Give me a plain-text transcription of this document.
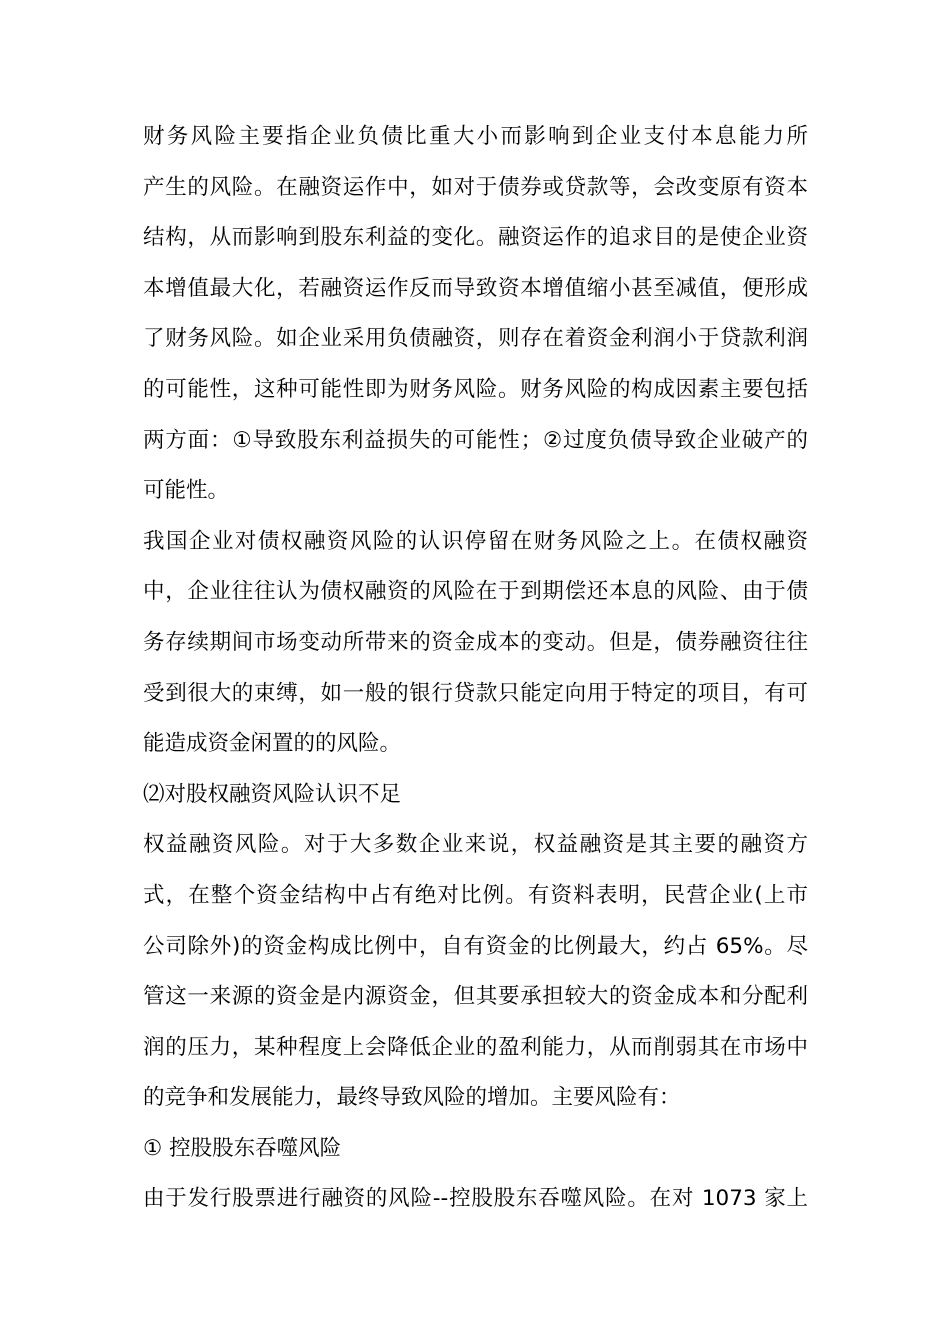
财务风险主要指企业负债比重大小而影响到企业支付本息能力所
产生的风险。在融资运作中，如对于债券或贷款等，会改变原有资本
结构，从而影响到股东利益的变化。融资运作的追求目的是使企业资
本增值最大化，若融资运作反而导致资本增值缩小甚至减值，便形成
了财务风险。如企业采用负债融资，则存在着资金利润小于贷款利润
的可能性，这种可能性即为财务风险。财务风险的构成因素主要包括
两方面：①导致股东利益损失的可能性；②过度负债导致企业破产的
可能性。
我国企业对债权融资风险的认识停留在财务风险之上。在债权融资
中，企业往往认为债权融资的风险在于到期偿还本息的风险、由于债
务存续期间市场变动所带来的资金成本的变动。但是，债券融资往往
受到很大的束缚，如一般的银行贷款只能定向用于特定的项目，有可
能造成资金闲置的的风险。
⑵对股权融资风险认识不足
权益融资风险。对于大多数企业来说，权益融资是其主要的融资方
式，在整个资金结构中占有绝对比例。有资料表明，民营企业(上市
公司除外)的资金构成比例中，自有资金的比例最大，约占 65%。尽
管这一来源的资金是内源资金，但其要承担较大的资金成本和分配利
润的压力，某种程度上会降低企业的盈利能力，从而削弱其在市场中
的竞争和发展能力，最终导致风险的增加。主要风险有：
① 控股股东吞噬风险
由于发行股票进行融资的风险--控股股东吞噬风险。在对 1073 家上
